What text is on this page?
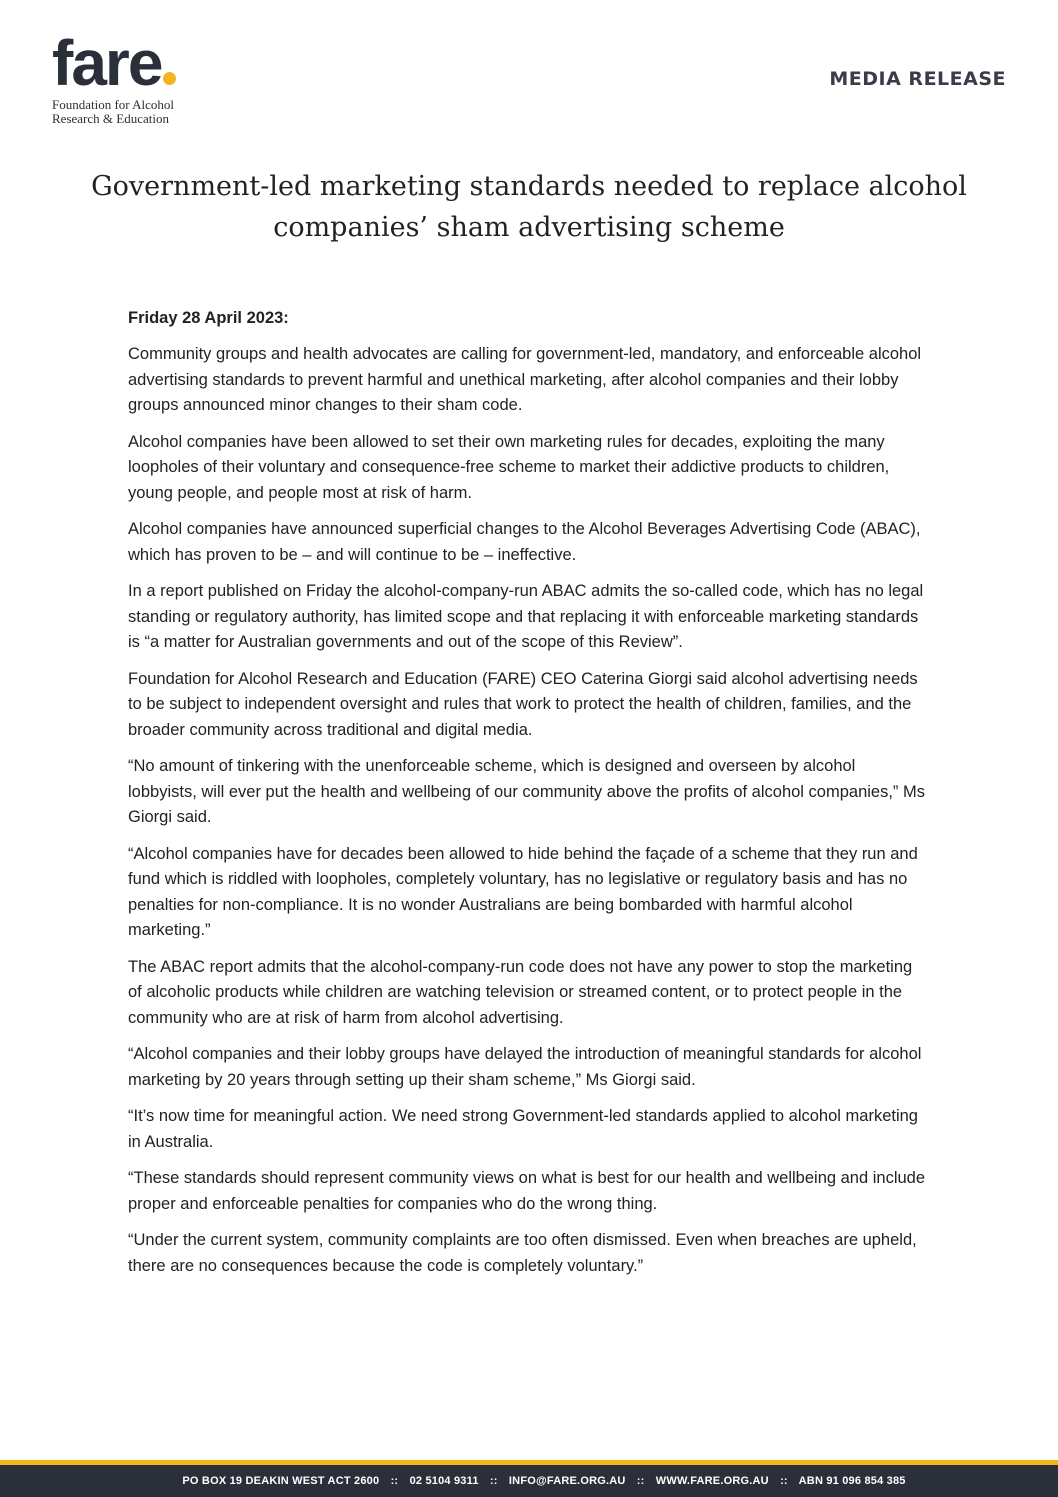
fare
Foundation for Alcohol
Research & Education
MEDIA RELEASE
Government-led marketing standards needed to replace alcohol companies’ sham advertising scheme

Friday 28 April 2023:

Community groups and health advocates are calling for government-led, mandatory, and enforceable alcohol advertising standards to prevent harmful and unethical marketing, after alcohol companies and their lobby groups announced minor changes to their sham code.

Alcohol companies have been allowed to set their own marketing rules for decades, exploiting the many loopholes of their voluntary and consequence-free scheme to market their addictive products to children, young people, and people most at risk of harm.

Alcohol companies have announced superficial changes to the Alcohol Beverages Advertising Code (ABAC), which has proven to be – and will continue to be – ineffective.

In a report published on Friday the alcohol-company-run ABAC admits the so-called code, which has no legal standing or regulatory authority, has limited scope and that replacing it with enforceable marketing standards is “a matter for Australian governments and out of the scope of this Review”.

Foundation for Alcohol Research and Education (FARE) CEO Caterina Giorgi said alcohol advertising needs to be subject to independent oversight and rules that work to protect the health of children, families, and the broader community across traditional and digital media.

“No amount of tinkering with the unenforceable scheme, which is designed and overseen by alcohol lobbyists, will ever put the health and wellbeing of our community above the profits of alcohol companies,” Ms Giorgi said.

“Alcohol companies have for decades been allowed to hide behind the façade of a scheme that they run and fund which is riddled with loopholes, completely voluntary, has no legislative or regulatory basis and has no penalties for non-compliance. It is no wonder Australians are being bombarded with harmful alcohol marketing.”

The ABAC report admits that the alcohol-company-run code does not have any power to stop the marketing of alcoholic products while children are watching television or streamed content, or to protect people in the community who are at risk of harm from alcohol advertising.

“Alcohol companies and their lobby groups have delayed the introduction of meaningful standards for alcohol marketing by 20 years through setting up their sham scheme,” Ms Giorgi said.

“It’s now time for meaningful action. We need strong Government-led standards applied to alcohol marketing in Australia.

“These standards should represent community views on what is best for our health and wellbeing and include proper and enforceable penalties for companies who do the wrong thing.

“Under the current system, community complaints are too often dismissed. Even when breaches are upheld, there are no consequences because the code is completely voluntary.”

PO BOX 19 DEAKIN WEST ACT 2600 :: 02 5104 9311 :: INFO@FARE.ORG.AU :: WWW.FARE.ORG.AU :: ABN 91 096 854 385
